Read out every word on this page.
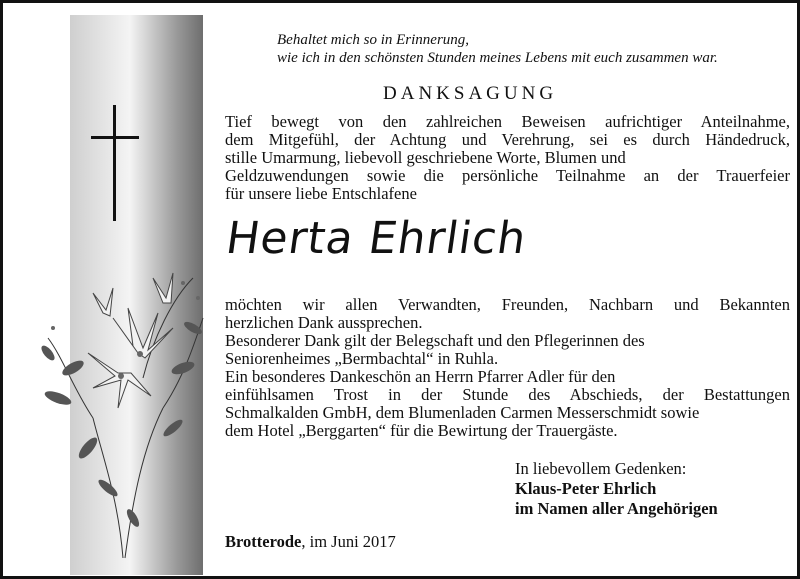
Behaltet mich so in Erinnerung,
wie ich in den schönsten Stunden meines Lebens mit euch zusammen war.
DANKSAGUNG
Tief bewegt von den zahlreichen Beweisen aufrichtiger Anteilnahme,
dem Mitgefühl, der Achtung und Verehrung, sei es durch Händedruck,
stille Umarmung, liebevoll geschriebene Worte, Blumen und
Geldzuwendungen sowie die persönliche Teilnahme an der Trauerfeier
für unsere liebe Entschlafene
Herta Ehrlich
möchten wir allen Verwandten, Freunden, Nachbarn und Bekannten
herzlichen Dank aussprechen.
Besonderer Dank gilt der Belegschaft und den Pflegerinnen des
Seniorenheimes „Bermbachtal“ in Ruhla.
Ein besonderes Dankeschön an Herrn Pfarrer Adler für den
einfühlsamen Trost in der Stunde des Abschieds, der Bestattungen
Schmalkalden GmbH, dem Blumenladen Carmen Messerschmidt sowie
dem Hotel „Berggarten“ für die Bewirtung der Trauergäste.
In liebevollem Gedenken:
Klaus-Peter Ehrlich
im Namen aller Angehörigen
Brotterode, im Juni 2017
